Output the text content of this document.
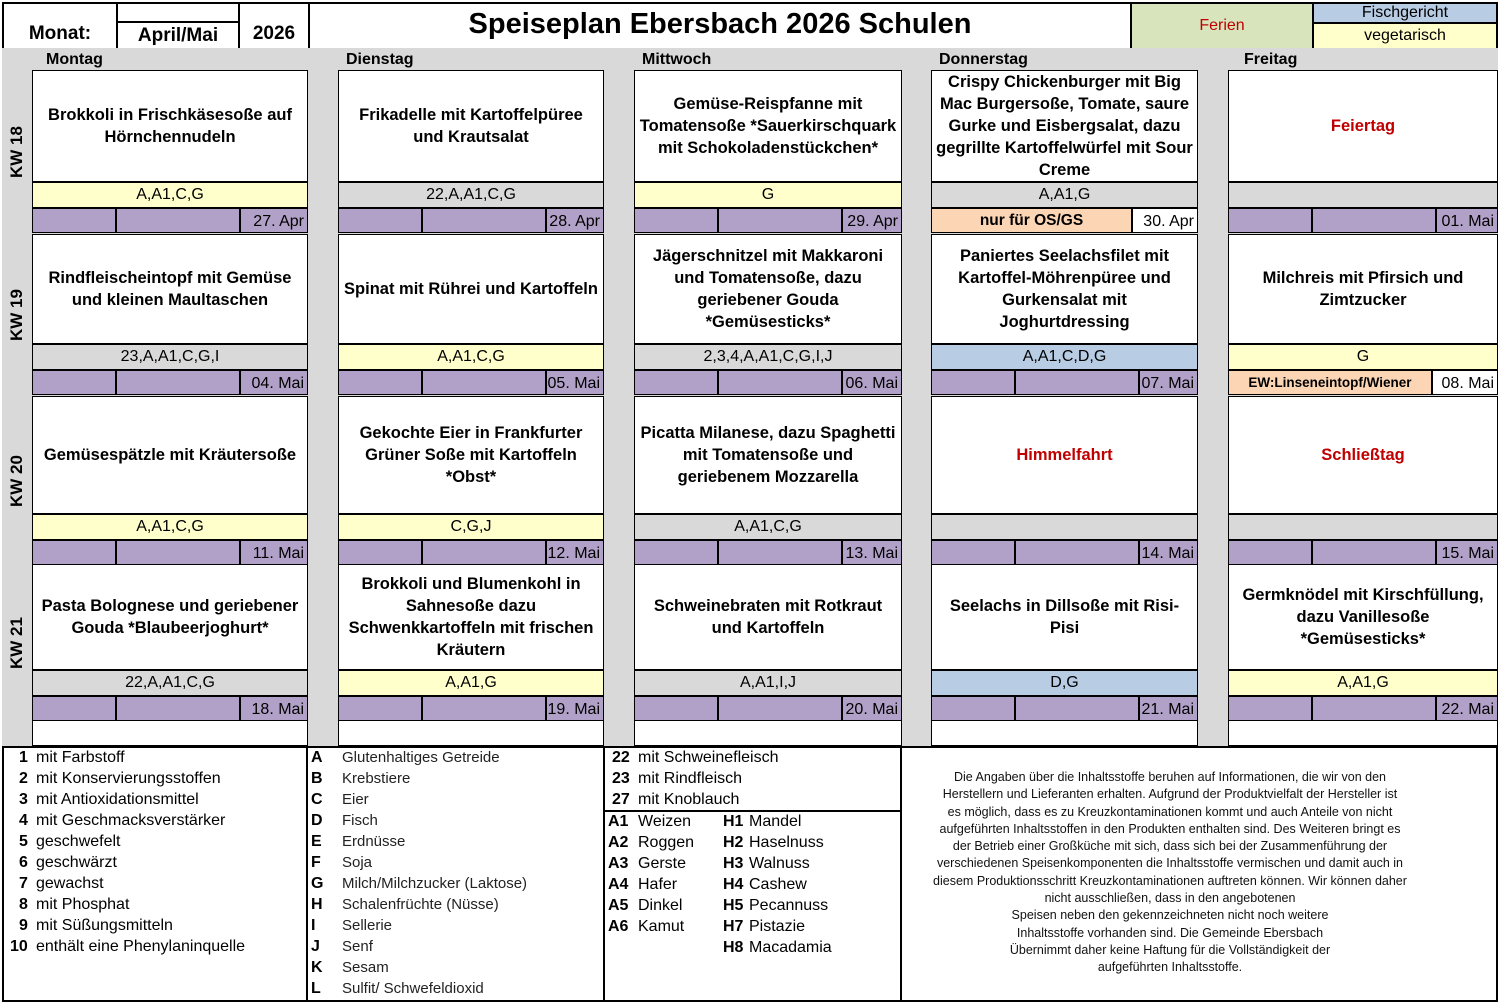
Monat: April/Mai 2026	Speiseplan Ebersbach 2026 Schulen	Ferien
Fischgericht
vegetarisch
Montag	Dienstag	Mittwoch	Donnerstag	Freitag
KW 18
Brokkoli in Frischkäsesoße auf Hörnchennudeln
A,A1,C,G
27. Apr
Frikadelle mit Kartoffelpüree und Krautsalat
22,A,A1,C,G
28. Apr
Gemüse-Reispfanne mit Tomatensoße *Sauerkirschquark mit Schokoladenstückchen*
G
29. Apr
Crispy Chickenburger mit Big Mac Burgersoße, Tomate, saure Gurke und Eisbergsalat, dazu gegrillte Kartoffelwürfel mit Sour Creme
A,A1,G
nur für OS/GS	30. Apr
Feiertag
01. Mai
KW 19
Rindfleischeintopf mit Gemüse und kleinen Maultaschen
23,A,A1,C,G,I
04. Mai
Spinat mit Rührei und Kartoffeln
A,A1,C,G
05. Mai
Jägerschnitzel mit Makkaroni und Tomatensoße, dazu geriebener Gouda *Gemüsesticks*
2,3,4,A,A1,C,G,I,J
06. Mai
Paniertes Seelachsfilet mit Kartoffel-Möhrenpüree und Gurkensalat mit Joghurtdressing
A,A1,C,D,G
07. Mai
Milchreis mit Pfirsich und Zimtzucker
G
EW:Linseneintopf/Wiener	08. Mai
KW 20	Gemüsespätzle mit Kräutersoße
A,A1,C,G
11. Mai
Gekochte Eier in Frankfurter Grüner Soße mit Kartoffeln *Obst*
C,G,J
12. Mai
Picatta Milanese, dazu Spaghetti mit Tomatensoße und geriebenem Mozzarella
A,A1,C,G
13. Mai
Himmelfahrt
14. Mai
Schließtag
15. Mai
KW 21
Pasta Bolognese und geriebener Gouda *Blaubeerjoghurt*
22,A,A1,C,G
18. Mai
Brokkoli und Blumenkohl in Sahnesoße dazu Schwenkkartoffeln mit frischen Kräutern
A,A1,G
19. Mai
Schweinebraten mit Rotkraut und Kartoffeln
A,A1,I,J
20. Mai
Seelachs in Dillsoße mit Risi-Pisi
D,G
21. Mai
Germknödel mit Kirschfüllung, dazu Vanillesoße *Gemüsesticks*
A,A1,G
22. Mai
1 mit Farbstoff
2 mit Konservierungsstoffen
3 mit Antioxidationsmittel
4 mit Geschmacksverstärker
5 geschwefelt
6 geschwärzt
7 gewachst
8 mit Phosphat
9 mit Süßungsmitteln
10 enthält eine Phenylaninquelle
A Glutenhaltiges Getreide
B Krebstiere
C Eier
D Fisch
E Erdnüsse
F Soja
G Milch/Milchzucker (Laktose)
H Schalenfrüchte (Nüsse)
I Sellerie
J Senf
K Sesam
L Sulfit/ Schwefeldioxid
22 mit Schweinefleisch
23 mit Rindfleisch
27 mit Knoblauch
A1 Weizen
A2 Roggen
A3 Gerste
A4 Hafer
A5 Dinkel
A6 Kamut
H1 Mandel
H2 Haselnuss
H3 Walnuss
H4 Cashew
H5 Pecannuss
H7 Pistazie
H8 Macadamia
Die Angaben über die Inhaltsstoffe beruhen auf Informationen, die wir von den
Herstellern und Lieferanten erhalten. Aufgrund der Produktvielfalt der Hersteller ist
es möglich, dass es zu Kreuzkontaminationen kommt und auch Anteile von nicht
aufgeführten Inhaltsstoffen in den Produkten enthalten sind. Des Weiteren bringt es
der Betrieb einer Großküche mit sich, dass sich bei der Zusammenführung der
verschiedenen Speisenkomponenten die Inhaltsstoffe vermischen und damit auch in
diesem Produktionsschritt Kreuzkontaminationen auftreten können. Wir können daher
nicht ausschließen, dass in den angebotenen
Speisen neben den gekennzeichneten nicht noch weitere
Inhaltsstoffe vorhanden sind. Die Gemeinde Ebersbach
Übernimmt daher keine Haftung für die Vollständigkeit der
aufgeführten Inhaltsstoffe.
